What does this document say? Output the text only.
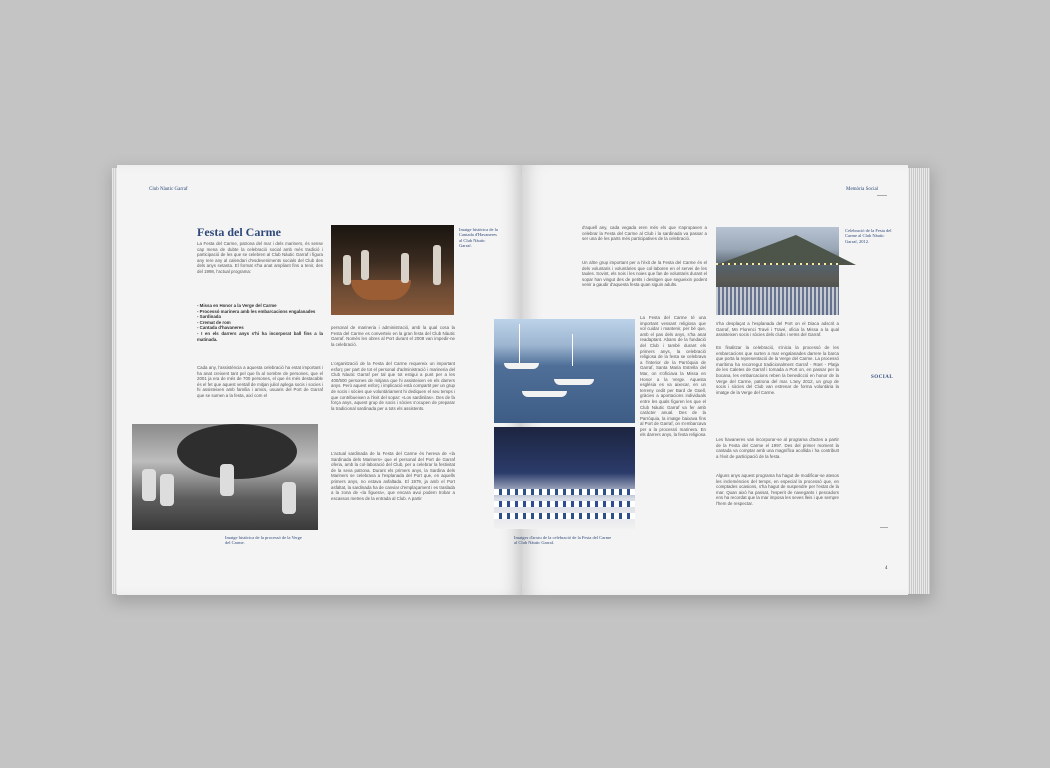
Club Nàutic Garraf
Festa del Carme
La Festa del Carme, patrona del mar i dels mariners, és sense cap mena de dubte la celebració social amb més tradició i participació de les que se celebren al Club Nàutic Garraf i figura any rere any al calendari d'esdeveniments socials del Club des dels anys setanta. El format s'ha anat ampliant fins a tenir, des del 1998, l'actual programa:
- Missa en Honor a la Verge del Carme
- Processó marinera amb les embarcacions engalanades
- Sardinada
- Cremat de rom
- Cantada d'havaneres
- I en els darrers anys s'hi ha incorporat ball fins a la matinada.
Cada any, l'assistència a aquesta celebració ha estat important i ha anat creixent tant pel que fa al nombre de persones, que el 2001 ja era de més de 700 persones, el que és més destacable és el fet que aquest ventall de mitjan juliol aplega socis i socies i hi assisteixen amb família i amics, usuaris del Port de Garraf que se sumen a la festa, així com el
Imatge històrica de la Cantada d'Havaneres al Club Nàutic Garraf.
personal de marineria i administració, amb la qual cosa la Festa del Carme es converteix en la gran festa del Club Nàutic Garraf. Només les obres al Port durant el 2008 van impedir-ne la celebració.
L'organització de la Festa del Carme requereix un important esforç per part de tot el personal d'administració i marineria del Club Nàutic Garraf per tal que tot estigui a punt per a les 400/500 persones de mitjana que hi assisteixen en els darrers anys. Però aquest esforç i implicació està compartit per un grup de socis i sòcies que voluntàriament hi dediquen el seu temps i que contribueixen a l'èxit del sopar: «Los sardinilas». Des de fa força anys, aquest grup de socis i sòcies s'ocupen de preparar la tradicional sardinada per a tots els assistents.
L'actual sardinada de la Festa del Carme és hereva de «la Sardinada dels Mariners» que el personal del Port de Garraf oferia, amb la col·laboració del Club, per a celebrar la festivitat de la seva patrona. Durant els primers anys, la Sardina dels Mariners se celebrava a l'esplanada del Port que, en aquells primers anys, no estava asfaltada. El 1979, ja amb el Port asfaltat, la sardinada ha de canviar d'emplaçament i es traslada a la zona de «la figuera», que encara avui podem trobar a escassos metres de la entrada al Club. A partir
Imatge històrica de la processó de la Verge del Carme.
Memòria Social
d'aquell any, cada vegada eren més els que s'apropaven a celebrar la Festa del Carme al Club i la sardinada va passar a ser una de les parts més participatives de la celebració.
Un altre grup important per a l'èxit de la Festa del Carme és el dels voluntaris i voluntàries que col·laboren en el servei de les taules. Sovint, els nois i les noies que fan de voluntaris durant el sopar han vingut des de petits i desitgen que segueixin podent venir a gaudir d'aquesta festa quan siguin adults.
Imatges d'arxiu de la celebració de la Festa del Carme al Club Nàutic Garraf.
La Festa del Carme té una important vessant religiosa que vol cuidar i mantenir, per bé que, amb el pas dels anys, s'ha anat readaptant. Abans de la fundació del Club i també durant els primers anys, la celebració religiosa de la festa se celebrava a l'interior de la Parròquia de Garraf, Santa Maria Estrella del Mar, on s'oficiava la Missa en Honor a la Verge. Aquesta església es va aixecar, en un terreny cedit per Bard de Güell, gràcies a aportacions individuals entre les quals figuren les que el Club Nàutic Garraf va fer amb caràcter anual. Des de la Parròquia, la imatge baixava fins al Port de Garraf, on s'embarcava per a la processó marinera. En els darrers anys, la festa religiosa
Celebració de la Festa del Carme al Club Nàutic Garraf, 2012.
s'ha desplaçat a l'esplanada del Port on el Diaca adscrit a Garraf, Mn Florenci Travé i Travé, oficia la Missa a la qual assisteixen socis i sòcies dels clubs i veïns del Garraf.
En finalitzar la celebració, s'inicia la processó de les embarcacions que surten a mar engalanades darrere la barca que porta la representació de la Verge del Carme. La processó marítima ha recorregut tradicionalment Garraf - Rüet - Platja de les Caletes de Garraf i tornada a Port on, en passar per la bocana, les embarcacions reben la benedicció en honor de la Verge del Carme, patrona del mar. L'any 2012, un grup de socis i sòcies del Club van estrenar de forma voluntària la imatge de la Verge del Carme.
Les havaneres van incorporar-se al programa d'actes a partir de la Festa del Carme el 1997. Des del primer moment la cantada va comptar amb una magnífica acollida i ha contribuït a l'èxit de participació de la festa.
Alguns anys aquest programa ha hagut de modificar-se atesos les inclemències del temps, en especial la processó que, en comptades ocasions, s'ha hagut de suspendre per l'estat de la mar. Quan això ha passat, l'esperit de navegants i pescadors ens ha recordat que la mar imposa les seves lleis i que sempre l'hem de respectar.
SOCIAL
4
